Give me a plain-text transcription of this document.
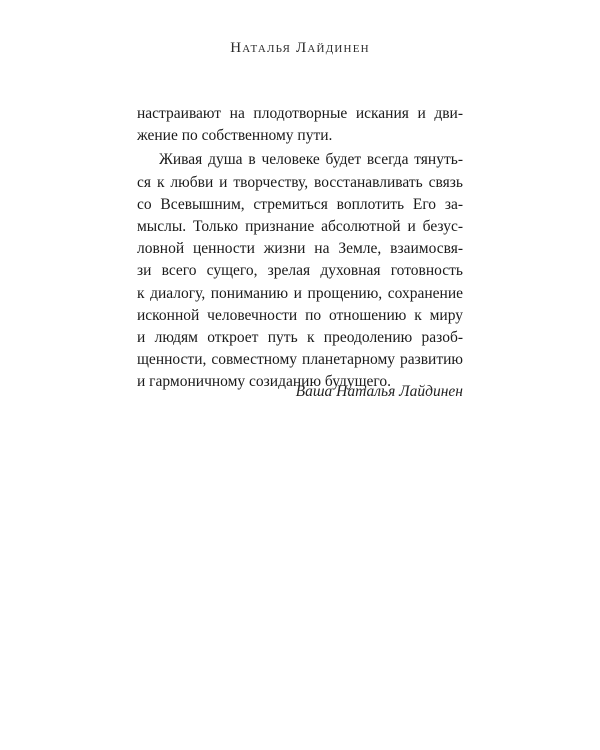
Наталья Лайдинен
настраивают на плодотворные искания и дви-
жение по собственному пути.
Живая душа в человеке будет всегда тянуть-
ся к любви и творчеству, восстанавливать связь
со Всевышним, стремиться воплотить Его за-
мыслы. Только признание абсолютной и безус-
ловной ценности жизни на Земле, взаимосвя-
зи всего сущего, зрелая духовная готовность
к диалогу, пониманию и прощению, сохранение
исконной человечности по отношению к миру
и людям откроет путь к преодолению разоб-
щенности, совместному планетарному развитию
и гармоничному созиданию будущего.
Ваша Наталья Лайдинен
